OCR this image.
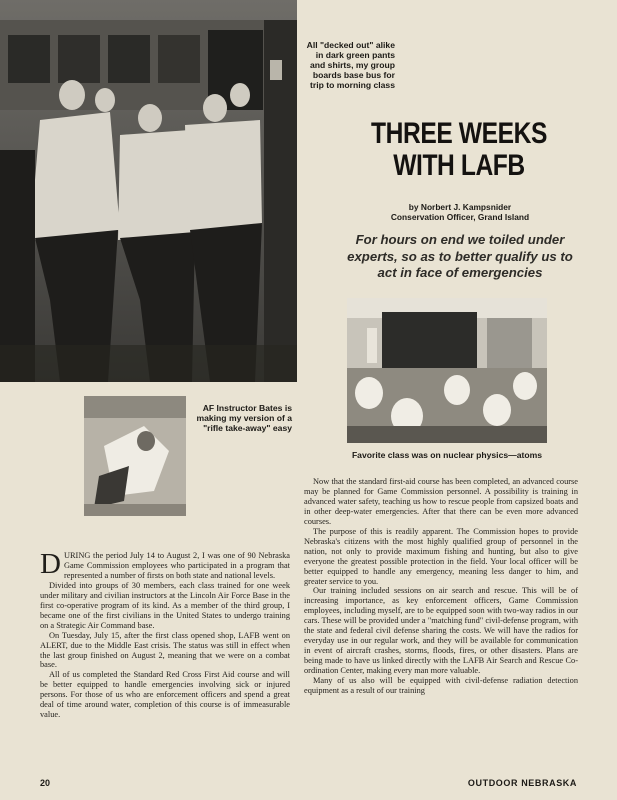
All "decked out" alike in dark green pants and shirts, my group boards base bus for trip to morning class
THREE WEEKS
WITH LAFB
by Norbert J. Kampsnider
Conservation Officer, Grand Island
For hours on end we toiled under experts, so as to better qualify us to act in face of emergencies
Favorite class was on nuclear physics—atoms
AF Instructor Bates is making my version of a "rifle take-away" easy

DURING the period July 14 to August 2, I was one of 90 Nebraska Game Commission employees who participated in a program that represented a number of firsts on both state and national levels.

Divided into groups of 30 members, each class trained for one week under military and civilian instructors at the Lincoln Air Force Base in the first co-operative program of its kind. As a member of the third group, I became one of the first civilians in the United States to undergo training on a Strategic Air Command base.

On Tuesday, July 15, after the first class opened shop, LAFB went on ALERT, due to the Middle East crisis. The status was still in effect when the last group finished on August 2, meaning that we were on a combat base.

All of us completed the Standard Red Cross First Aid course and will be better equipped to handle emergencies involving sick or injured persons. For those of us who are enforcement officers and spend a great deal of time around water, completion of this course is of immeasurable value.

Now that the standard first-aid course has been completed, an advanced course may be planned for Game Commission personnel. A possibility is training in advanced water safety, teaching us how to rescue people from capsized boats and in other deep-water emergencies. After that there can be even more advanced courses.

The purpose of this is readily apparent. The Commission hopes to provide Nebraska's citizens with the most highly qualified group of personnel in the nation, not only to provide maximum fishing and hunting, but also to give everyone the greatest possible protection in the field. Your local officer will be better equipped to handle any emergency, meaning less danger to him, and greater service to you.

Our training included sessions on air search and rescue. This will be of increasing importance, as key enforcement officers, Game Commission employees, including myself, are to be equipped soon with two-way radios in our cars. These will be provided under a "matching fund" civil-defense program, with the state and federal civil defense sharing the costs. We will have the radios for everyday use in our regular work, and they will be available for communication in event of aircraft crashes, storms, floods, fires, or other disasters. Plans are being made to have us linked directly with the LAFB Air Search and Rescue Co-ordination Center, making every man more valuable.

Many of us also will be equipped with civil-defense radiation detection equipment as a result of our training

20	OUTDOOR NEBRASKA
